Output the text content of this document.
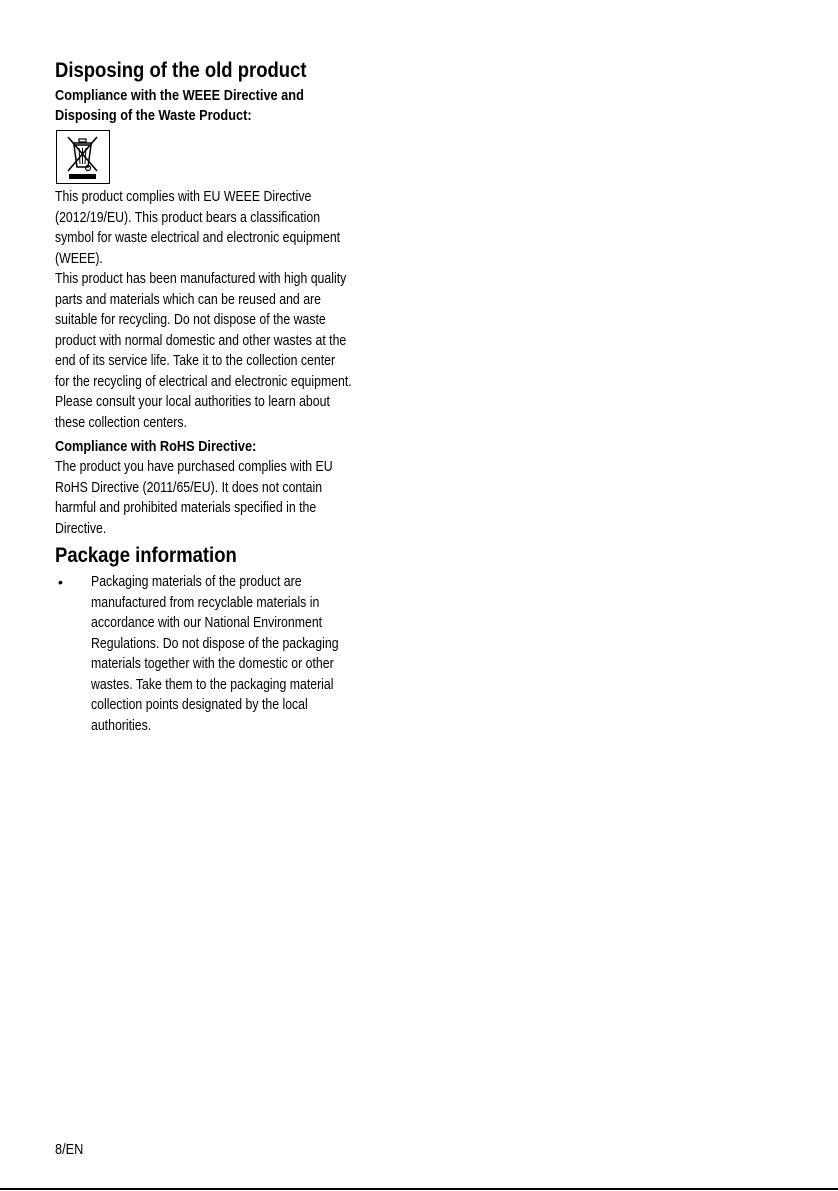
Disposing of the old product
Compliance with the WEEE Directive and
Disposing of the Waste Product:

This product complies with EU WEEE Directive
(2012/19/EU). This product bears a classification
symbol for waste electrical and electronic equipment
(WEEE).

This product has been manufactured with high quality
parts and materials which can be reused and are
suitable for recycling. Do not dispose of the waste
product with normal domestic and other wastes at the
end of its service life. Take it to the collection center
for the recycling of electrical and electronic equipment.
Please consult your local authorities to learn about
these collection centers.

Compliance with RoHS Directive:

The product you have purchased complies with EU
RoHS Directive (2011/65/EU). It does not contain
harmful and prohibited materials specified in the
Directive.

Package information
• Packaging materials of the product are
manufactured from recyclable materials in
accordance with our National Environment
Regulations. Do not dispose of the packaging
materials together with the domestic or other
wastes. Take them to the packaging material
collection points designated by the local
authorities.

8/EN
